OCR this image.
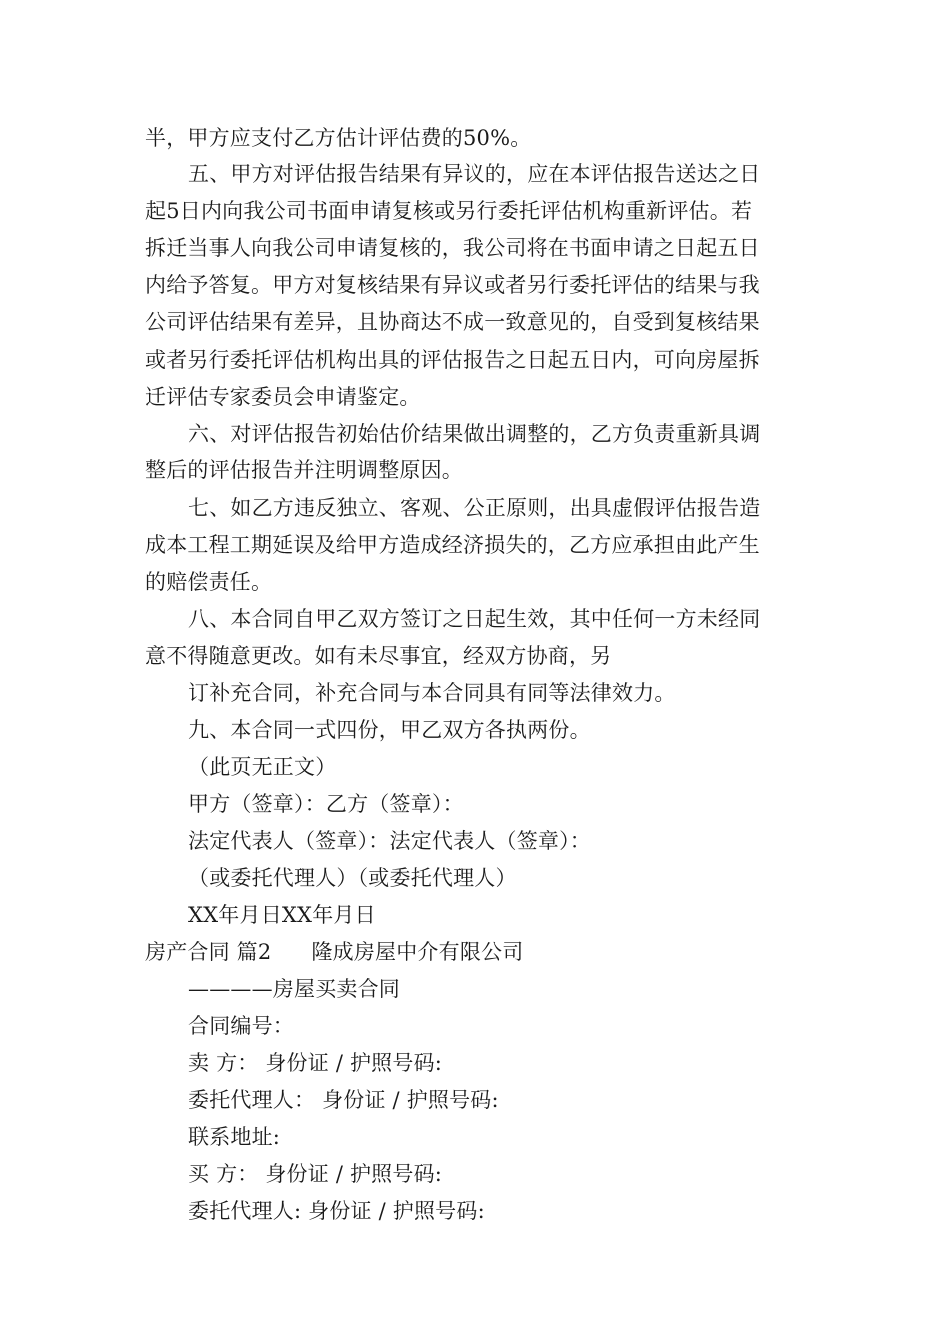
半，甲方应支付乙方估计评估费的50%。
五、甲方对评估报告结果有异议的，应在本评估报告送达之日
起5日内向我公司书面申请复核或另行委托评估机构重新评估。若
拆迁当事人向我公司申请复核的，我公司将在书面申请之日起五日
内给予答复。甲方对复核结果有异议或者另行委托评估的结果与我
公司评估结果有差异，且协商达不成一致意见的，自受到复核结果
或者另行委托评估机构出具的评估报告之日起五日内，可向房屋拆
迁评估专家委员会申请鉴定。
六、对评估报告初始估价结果做出调整的，乙方负责重新具调
整后的评估报告并注明调整原因。
七、如乙方违反独立、客观、公正原则，出具虚假评估报告造
成本工程工期延误及给甲方造成经济损失的，乙方应承担由此产生
的赔偿责任。
八、本合同自甲乙双方签订之日起生效，其中任何一方未经同
意不得随意更改。如有未尽事宜，经双方协商，另
订补充合同，补充合同与本合同具有同等法律效力。
九、本合同一式四份，甲乙双方各执两份。
（此页无正文）
甲方（签章）：乙方（签章）：
法定代表人（签章）：法定代表人（签章）：
（或委托代理人）（或委托代理人）
XX年月日XX年月日
房产合同 篇2 隆成房屋中介有限公司
————房屋买卖合同
合同编号：
卖 方： 身份证 / 护照号码:
委托代理人： 身份证 / 护照号码:
联系地址:
买 方： 身份证 / 护照号码:
委托代理人: 身份证 / 护照号码:
